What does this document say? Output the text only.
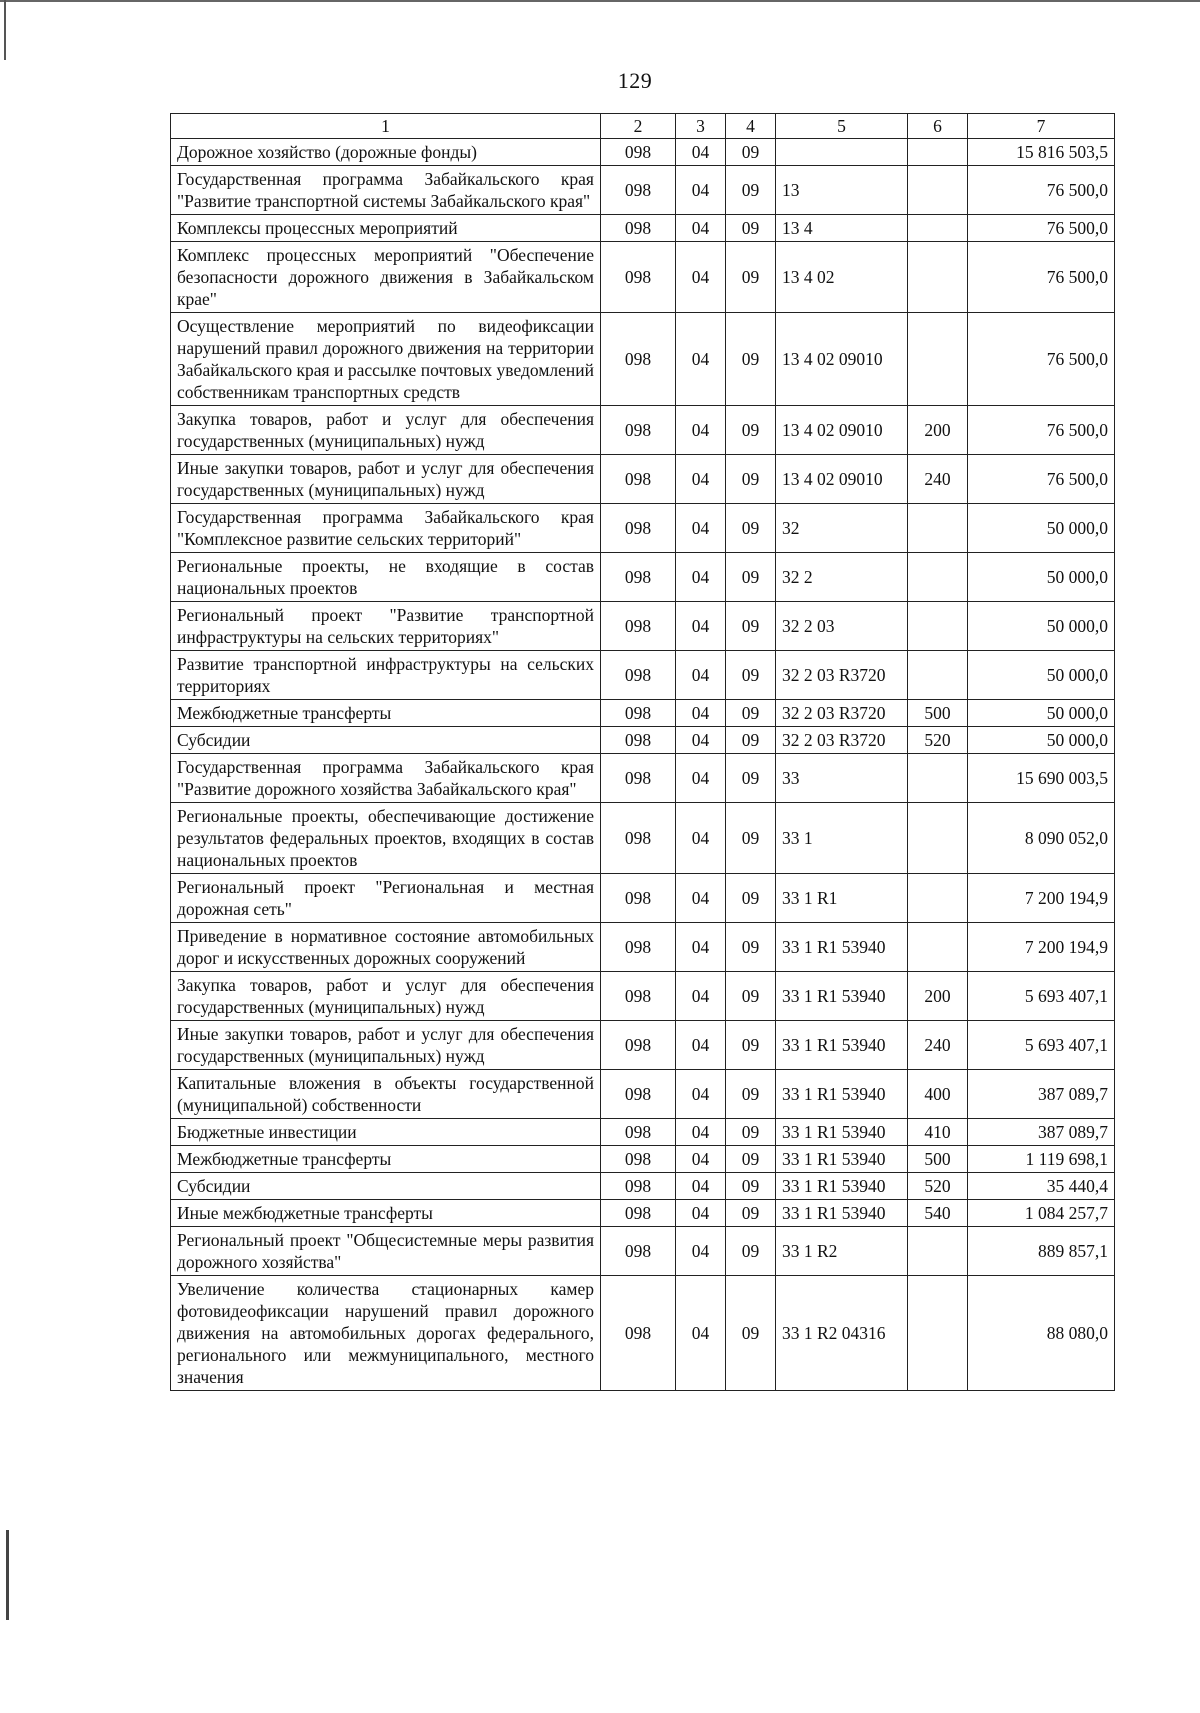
129
1	2	3	4	5	6	7
Дорожное хозяйство (дорожные фонды)	098	04	09			15 816 503,5
Государственная программа Забайкальского края "Развитие транспортной системы Забайкальского края"	098	04	09	13		76 500,0
Комплексы процессных мероприятий	098	04	09	13 4		76 500,0
Комплекс процессных мероприятий "Обеспечение безопасности дорожного движения в Забайкальском крае"	098	04	09	13 4 02		76 500,0
Осуществление мероприятий по видеофиксации нарушений правил дорожного движения на территории Забайкальского края и рассылке почтовых уведомлений собственникам транспортных средств	098	04	09	13 4 02 09010		76 500,0
Закупка товаров, работ и услуг для обеспечения государственных (муниципальных) нужд	098	04	09	13 4 02 09010	200	76 500,0
Иные закупки товаров, работ и услуг для обеспечения государственных (муниципальных) нужд	098	04	09	13 4 02 09010	240	76 500,0
Государственная программа Забайкальского края "Комплексное развитие сельских территорий"	098	04	09	32		50 000,0
Региональные проекты, не входящие в состав национальных проектов	098	04	09	32 2		50 000,0
Региональный проект "Развитие транспортной инфраструктуры на сельских территориях"	098	04	09	32 2 03		50 000,0
Развитие транспортной инфраструктуры на сельских территориях	098	04	09	32 2 03 R3720		50 000,0
Межбюджетные трансферты	098	04	09	32 2 03 R3720	500	50 000,0
Субсидии	098	04	09	32 2 03 R3720	520	50 000,0
Государственная программа Забайкальского края "Развитие дорожного хозяйства Забайкальского края"	098	04	09	33		15 690 003,5
Региональные проекты, обеспечивающие достижение результатов федеральных проектов, входящих в состав национальных проектов	098	04	09	33 1		8 090 052,0
Региональный проект "Региональная и местная дорожная сеть"	098	04	09	33 1 R1		7 200 194,9
Приведение в нормативное состояние автомобильных дорог и искусственных дорожных сооружений	098	04	09	33 1 R1 53940		7 200 194,9
Закупка товаров, работ и услуг для обеспечения государственных (муниципальных) нужд	098	04	09	33 1 R1 53940	200	5 693 407,1
Иные закупки товаров, работ и услуг для обеспечения государственных (муниципальных) нужд	098	04	09	33 1 R1 53940	240	5 693 407,1
Капитальные вложения в объекты государственной (муниципальной) собственности	098	04	09	33 1 R1 53940	400	387 089,7
Бюджетные инвестиции	098	04	09	33 1 R1 53940	410	387 089,7
Межбюджетные трансферты	098	04	09	33 1 R1 53940	500	1 119 698,1
Субсидии	098	04	09	33 1 R1 53940	520	35 440,4
Иные межбюджетные трансферты	098	04	09	33 1 R1 53940	540	1 084 257,7
Региональный проект "Общесистемные меры развития дорожного хозяйства"	098	04	09	33 1 R2		889 857,1
Увеличение количества стационарных камер фотовидеофиксации нарушений правил дорожного движения на автомобильных дорогах федерального, регионального или межмуниципального, местного значения	098	04	09	33 1 R2 04316		88 080,0
